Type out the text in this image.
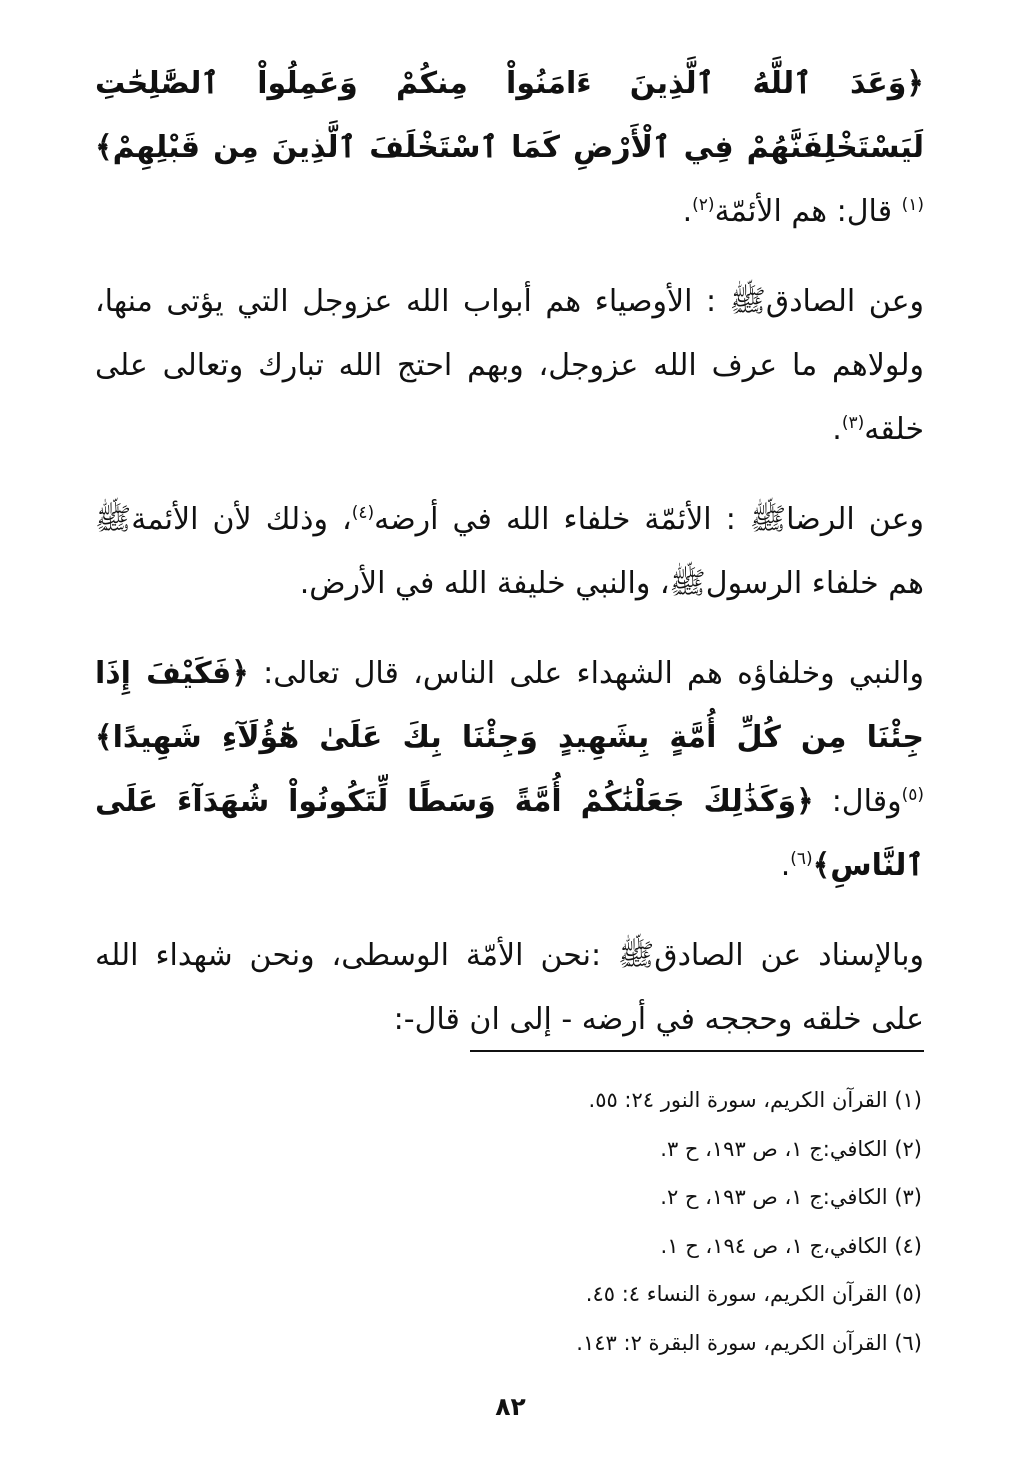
﴿وَعَدَ ٱللَّهُ ٱلَّذِينَ ءَامَنُواْ مِنكُمْ وَعَمِلُواْ ٱلصَّٰلِحَٰتِ لَيَسْتَخْلِفَنَّهُمْ فِي ٱلْأَرْضِ كَمَا ٱسْتَخْلَفَ ٱلَّذِينَ مِن قَبْلِهِمْ﴾$^{(١)}$ قال: هم الأئمّة$^{(٢)}$.

وعن الصادقﷺ : الأوصياء هم أبواب الله عزوجل التي يؤتى منها، ولولاهم ما عرف الله عزوجل، وبهم احتج الله تبارك وتعالى على خلقه$^{(٣)}$.

وعن الرضاﷺ : الأئمّة خلفاء الله في أرضه$^{(٤)}$، وذلك لأن الأئمةﷺ هم خلفاء الرسولﷺ، والنبي خليفة الله في الأرض.

والنبي وخلفاؤه هم الشهداء على الناس، قال تعالى: ﴿فَكَيْفَ إِذَا جِئْنَا مِن كُلِّ أُمَّةٍ بِشَهِيدٍ وَجِئْنَا بِكَ عَلَىٰ هَٰٓؤُلَآءِ شَهِيدًا﴾$^{(٥)}$وقال: ﴿وَكَذَٰلِكَ جَعَلْنَٰكُمْ أُمَّةً وَسَطًا لِّتَكُونُواْ شُهَدَآءَ عَلَى ٱلنَّاسِ﴾$^{(٦)}$.

وبالإسناد عن الصادقﷺ :نحن الأمّة الوسطى، ونحن شهداء الله على خلقه وحججه في أرضه - إلى ان قال-:

(١) القرآن الكريم، سورة النور ٢٤: ٥٥.
(٢) الكافي:ج ١، ص ١٩٣، ح ٣.
(٣) الكافي:ج ١، ص ١٩٣، ح ٢.
(٤) الكافي،ج ١، ص ١٩٤، ح ١.
(٥) القرآن الكريم، سورة النساء ٤: ٤٥.
(٦) القرآن الكريم، سورة البقرة ٢: ١٤٣.
٨٢
